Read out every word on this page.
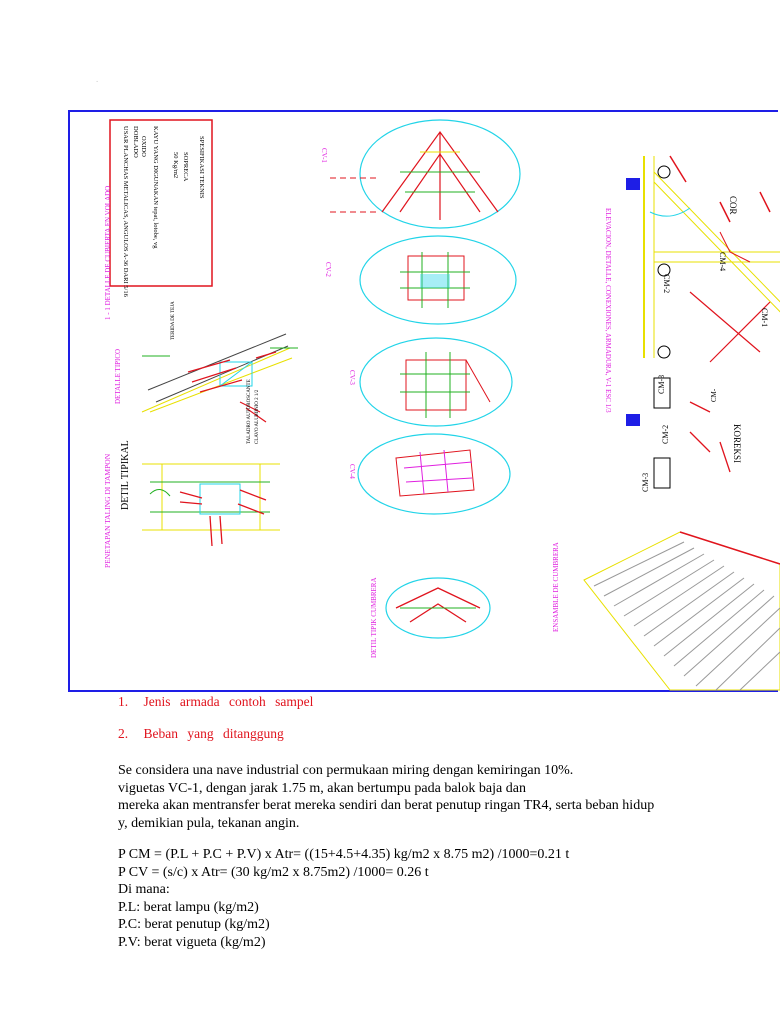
.
USAR PLANCHAS METALICAS, ANGULOS A-36 DARI 5/16 DOBLADO OXIDO KAYU YANG DIGUNAKAN tepat, lotobe, vg 50 Kg/m2 SOPRECA SPESIFIKASI TEKNIS
1 - 1 DETALLE DE CUBIERTA EN VOLADO
DETALLE TIPICO
PENETAPAN TALING DI TAMPON DETIL TIPIKAL
TERIDA DE TEJA
TALADRO AUTOROSCANTE CLAVO ALUMINIO 2 1/2
CV-1
CV-2
CV-3
CV-4
DETIL TIPIK CUMBRERA
ELEVACION, DETALLE, CONEXIONES, ARMADURA, V-1 ESC 1/3	CM-3
CM-2
CM-4
CM-1
CM-2
CM-3
CM-
COR
KOREKSI
ENSAMBLE DE CUMBRERA
1. Jenis armada contoh sampel
2. Beban yang ditanggung
Se considera una nave industrial con permukaan miring dengan kemiringan 10%.
viguetas VC-1, dengan jarak 1.75 m, akan bertumpu pada balok baja dan
mereka akan mentransfer berat mereka sendiri dan berat penutup ringan TR4, serta beban hidup
y, demikian pula, tekanan angin.
P CM = (P.L + P.C + P.V) x Atr= ((15+4.5+4.35) kg/m2 x 8.75 m2) /1000=0.21 t
P CV = (s/c) x Atr= (30 kg/m2 x 8.75m2) /1000= 0.26 t
Di mana:
P.L: berat lampu (kg/m2)
P.C: berat penutup (kg/m2)
P.V: berat vigueta (kg/m2)
